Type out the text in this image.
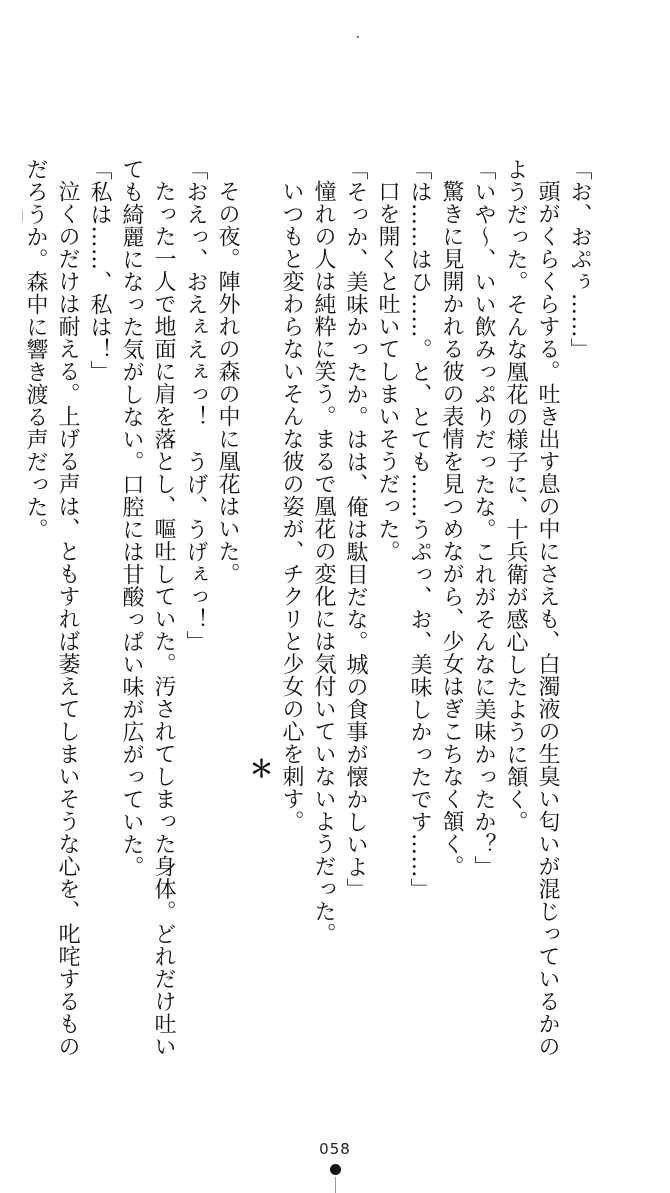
「お、おぷぅ……」
頭がくらくらする。吐き出す息の中にさえも、白濁液の生臭い匂いが混じっているかの
ようだった。そんな凰花の様子に、十兵衛が感心したように頷く。
「いや～、いい飲みっぷりだったな。これがそんなに美味かったか？」
驚きに見開かれる彼の表情を見つめながら、少女はぎこちなく頷く。
「は……はひ……。と、とても……うぷっ、お、美味しかったです……」
口を開くと吐いてしまいそうだった。
「そっか、美味かったか。はは、俺は駄目だな。城の食事が懐かしいよ」
憧れの人は純粋に笑う。まるで凰花の変化には気付いていないようだった。
いつもと変わらないそんな彼の姿が、チクリと少女の心を刺す。
＊
その夜。陣外れの森の中に凰花はいた。
「おえっ、おえぇえぇっ！　うげ、うげぇっ！」
たった一人で地面に肩を落とし、嘔吐していた。汚されてしまった身体。どれだけ吐い
ても綺麗になった気がしない。口腔には甘酸っぱい味が広がっていた。
「私は……、私は！」
泣くのだけは耐える。上げる声は、ともすれば萎えてしまいそうな心を、叱咤するもの
だろうか。森中に響き渡る声だった。
058
